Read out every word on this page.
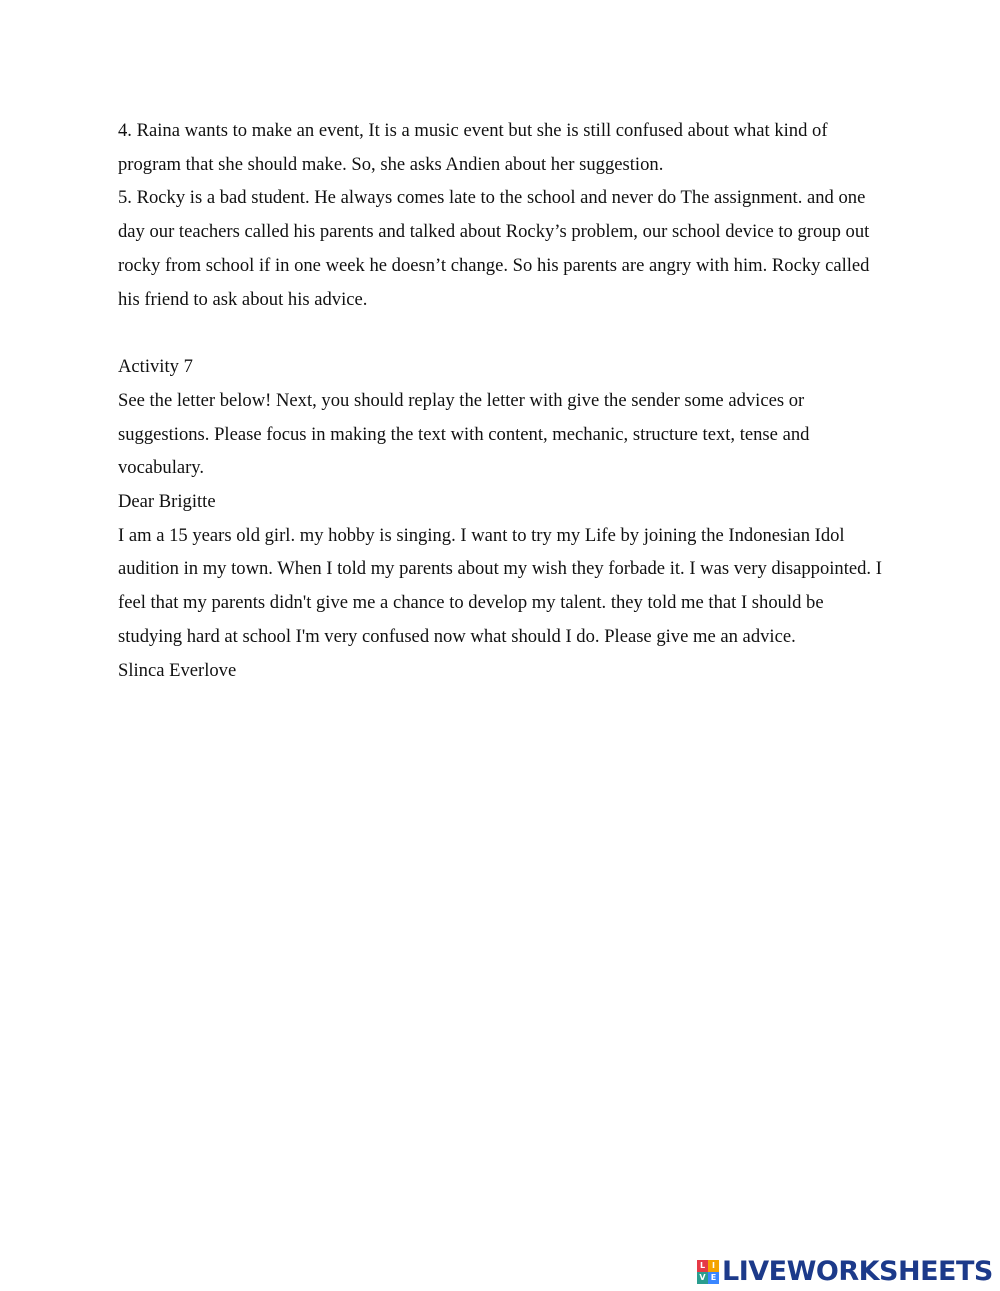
4. Raina wants to make an event, It is a music event but she is still confused about what kind of program that she should make. So, she asks Andien about her suggestion.

5. Rocky is a bad student. He always comes late to the school and never do The assignment. and one day our teachers called his parents and talked about Rocky’s problem, our school device to group out rocky from school if in one week he doesn’t change. So his parents are angry with him. Rocky called his friend to ask about his advice.

Activity 7

See the letter below! Next, you should replay the letter with give the sender some advices or suggestions. Please focus in making the text with content, mechanic, structure text, tense and vocabulary.

Dear Brigitte

I am a 15 years old girl. my hobby is singing. I want to try my Life by joining the Indonesian Idol audition in my town. When I told my parents about my wish they forbade it. I was very disappointed. I feel that my parents didn't give me a chance to develop my talent. they told me that I should be studying hard at school I'm very confused now what should I do. Please give me an advice.

Slinca Everlove

L I
V E LIVEWORKSHEETS
